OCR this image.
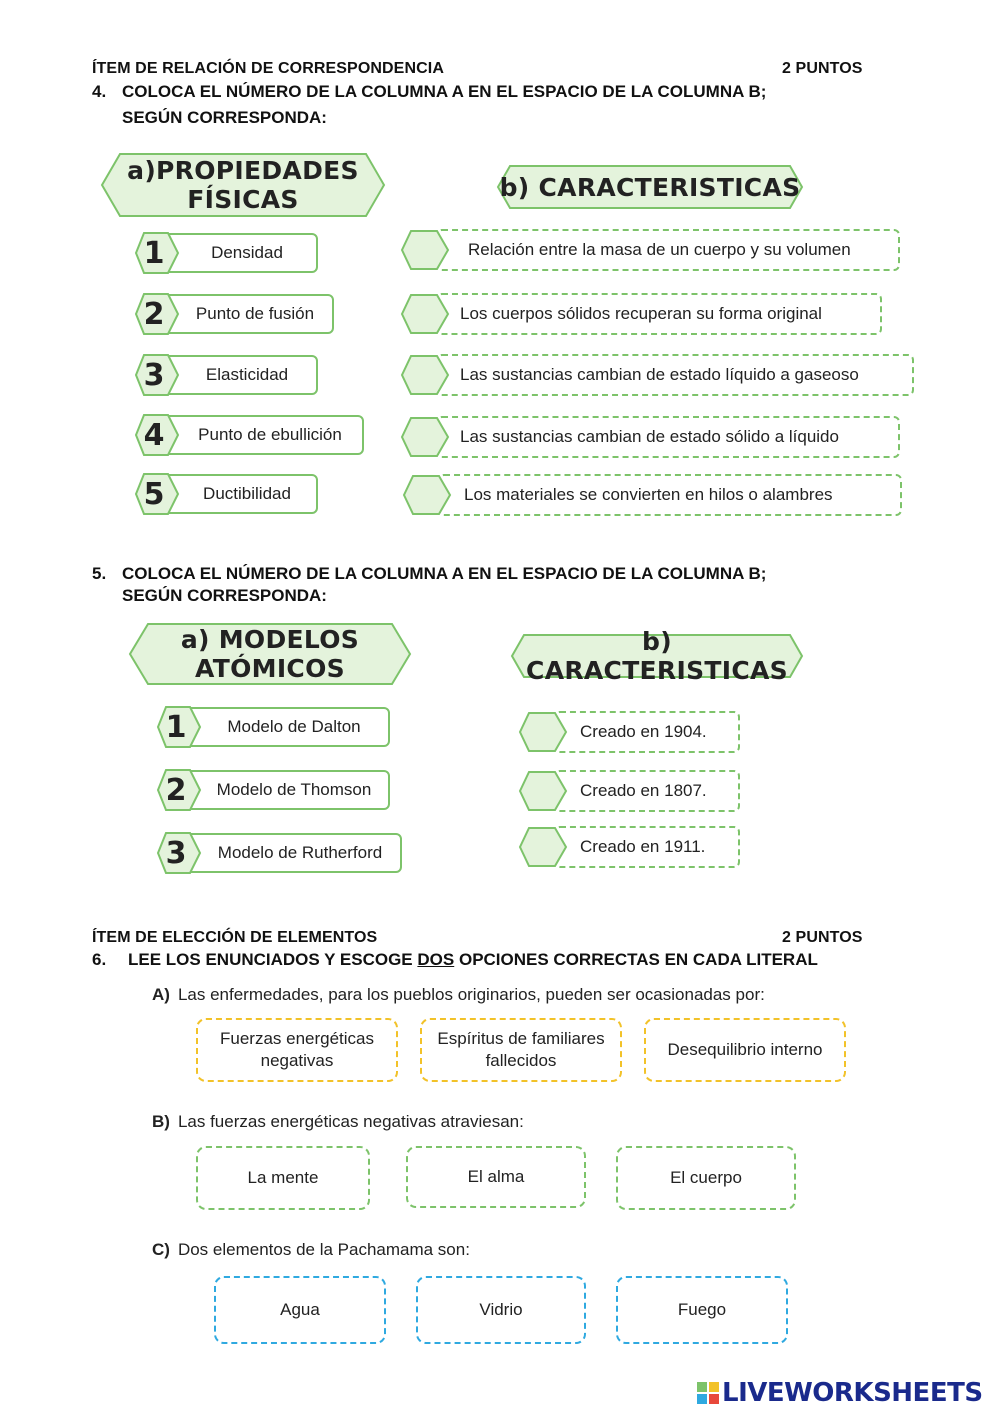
ÍTEM DE RELACIÓN DE CORRESPONDENCIA	2 PUNTOS
4. COLOCA EL NÚMERO DE LA COLUMNA A EN EL ESPACIO DE LA COLUMNA B;
SEGÚN CORRESPONDA:
a)PROPIEDADES
FÍSICAS	b) CARACTERISTICAS
1	Densidad
2	Punto de fusión
3	Elasticidad
4	Punto de ebullición
5	Ductibilidad
Relación entre la masa de un cuerpo y su volumen
Los cuerpos sólidos recuperan su forma original
Las sustancias cambian de estado líquido a gaseoso
Las sustancias cambian de estado sólido a líquido
Los materiales se convierten en hilos o alambres
5. COLOCA EL NÚMERO DE LA COLUMNA A EN EL ESPACIO DE LA COLUMNA B;
SEGÚN CORRESPONDA:
a) MODELOS
ATÓMICOS
b) CARACTERISTICAS
1	Modelo de Dalton
2	Modelo de Thomson
3	Modelo de Rutherford
Creado en 1904.
Creado en 1807.
Creado en 1911.
ÍTEM DE ELECCIÓN DE ELEMENTOS	2 PUNTOS
6. LEE LOS ENUNCIADOS Y ESCOGE DOS OPCIONES CORRECTAS EN CADA LITERAL
A) Las enfermedades, para los pueblos originarios, pueden ser ocasionadas por:
Fuerzas energéticas negativas
Espíritus de familiares fallecidos
Desequilibrio interno
B) Las fuerzas energéticas negativas atraviesan:
La mente	El alma	El cuerpo
C) Dos elementos de la Pachamama son:
Agua	Vidrio	Fuego
LIVEWORKSHEETS
